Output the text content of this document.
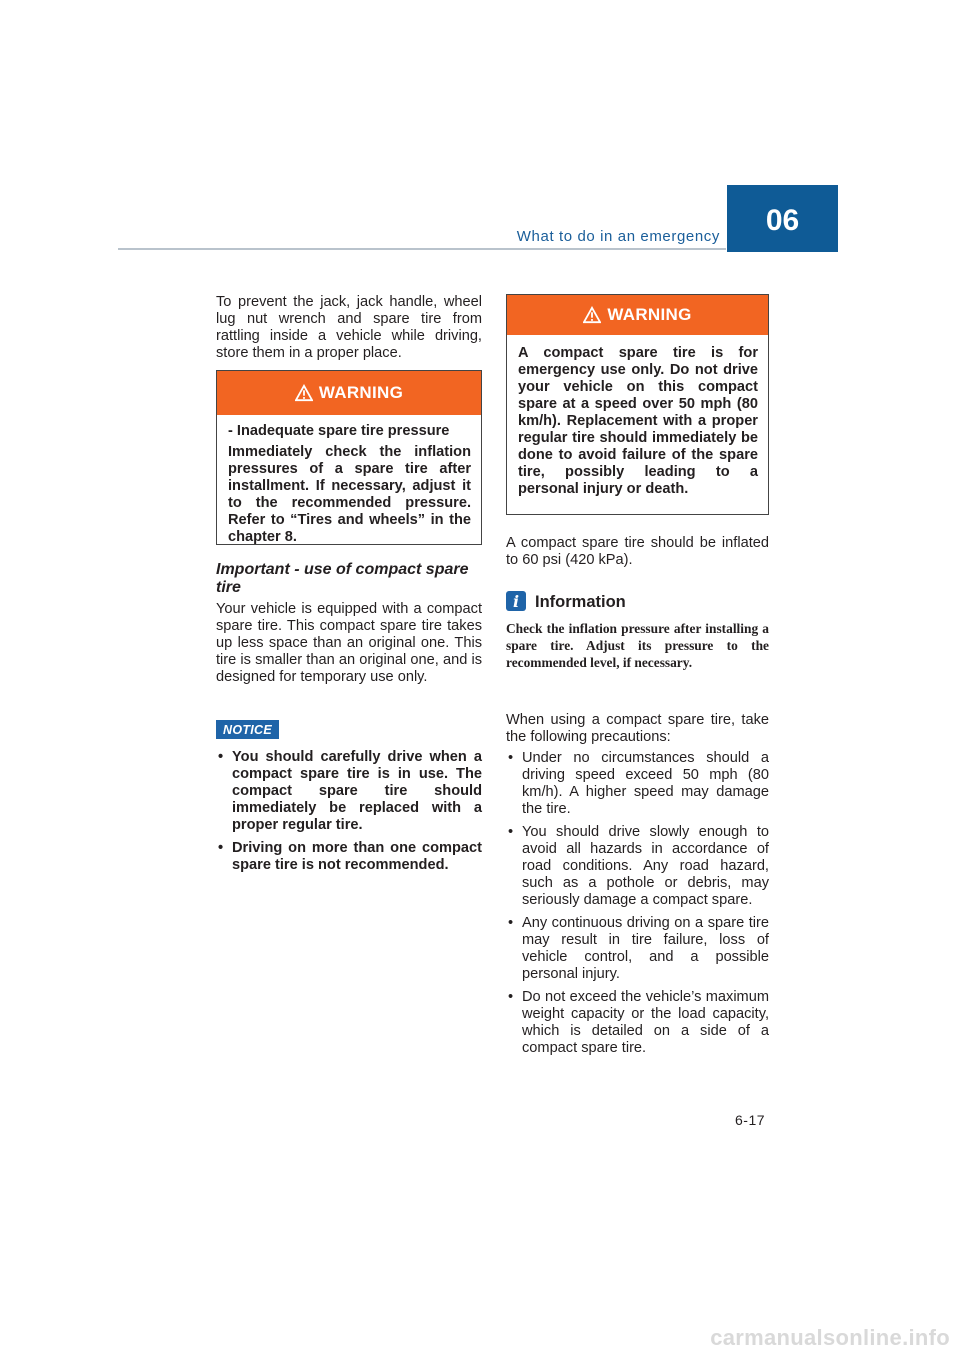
What to do in an emergency 06

To prevent the jack, jack handle, wheel lug nut wrench and spare tire from rattling inside a vehicle while driving, store them in a proper place.

WARNING

- Inadequate spare tire pressure

Immediately check the inflation pressures of a spare tire after installment. If necessary, adjust it to the recommended pressure. Refer to “Tires and wheels” in the chapter 8.

Important - use of compact spare tire

Your vehicle is equipped with a compact spare tire. This compact spare tire takes up less space than an original one. This tire is smaller than an original one, and is designed for temporary use only.

NOTICE
• You should carefully drive when a compact spare tire is in use. The compact spare tire should immediately be replaced with a proper regular tire.
• Driving on more than one compact spare tire is not recommended.
WARNING

A compact spare tire is for emergency use only. Do not drive your vehicle on this compact spare at a speed over 50 mph (80 km/h). Replacement with a proper regular tire should immediately be done to avoid failure of the spare tire, possibly leading to a personal injury or death.

A compact spare tire should be inflated to 60 psi (420 kPa).

i Information

Check the inflation pressure after installing a spare tire. Adjust its pressure to the recommended level, if necessary.

When using a compact spare tire, take the following precautions:

• Under no circumstances should a driving speed exceed 50 mph (80 km/h). A higher speed may damage the tire.
• You should drive slowly enough to avoid all hazards in accordance of road conditions. Any road hazard, such as a pothole or debris, may seriously damage a compact spare.
• Any continuous driving on a spare tire may result in tire failure, loss of vehicle control, and a possible personal injury.
• Do not exceed the vehicle’s maximum weight capacity or the load capacity, which is detailed on a side of a compact spare tire.
6-17
carmanualsonline.info
